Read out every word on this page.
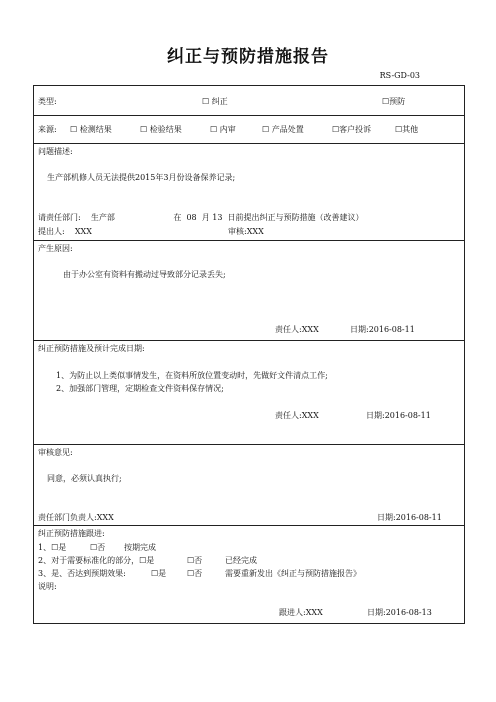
纠正与预防措施报告
RS-GD-03
类型:	☐ 纠正	☐预防
来源: ☐ 检测结果	☐ 检验结果	☐ 内审	☐ 产品处置	☐客户投诉	☐其他
问题描述:
生产部机修人员无法提供2015年3月份设备保养记录;
请责任部门:    生产部                       在  08  月 13  日前提出纠正与预防措施（改善建议）
提出人:    XXX	审核:XXX
产生原因:
由于办公室有资料有搬动过导致部分记录丢失;
责任人:XXX	日期:2016-08-11
纠正预防措施及预计完成日期:
1、为防止以上类似事情发生，在资料所放位置变动时，先做好文件清点工作;
2、加强部门管理，定期检查文件资料保存情况;
责任人:XXX	日期:2016-08-11
审核意见:
同意，必须认真执行;
责任部门负责人:XXX	日期:2016-08-11
纠正预防措施跟进:
1、☐是	☐否 按期完成
2、对于需要标准化的部分，☐是	☐否	已经完成
3、是、否达到预期效果:	☐是	☐否	需要重新发出《纠正与预防措施报告》
说明:
跟进人:XXX	日期:2016-08-13
